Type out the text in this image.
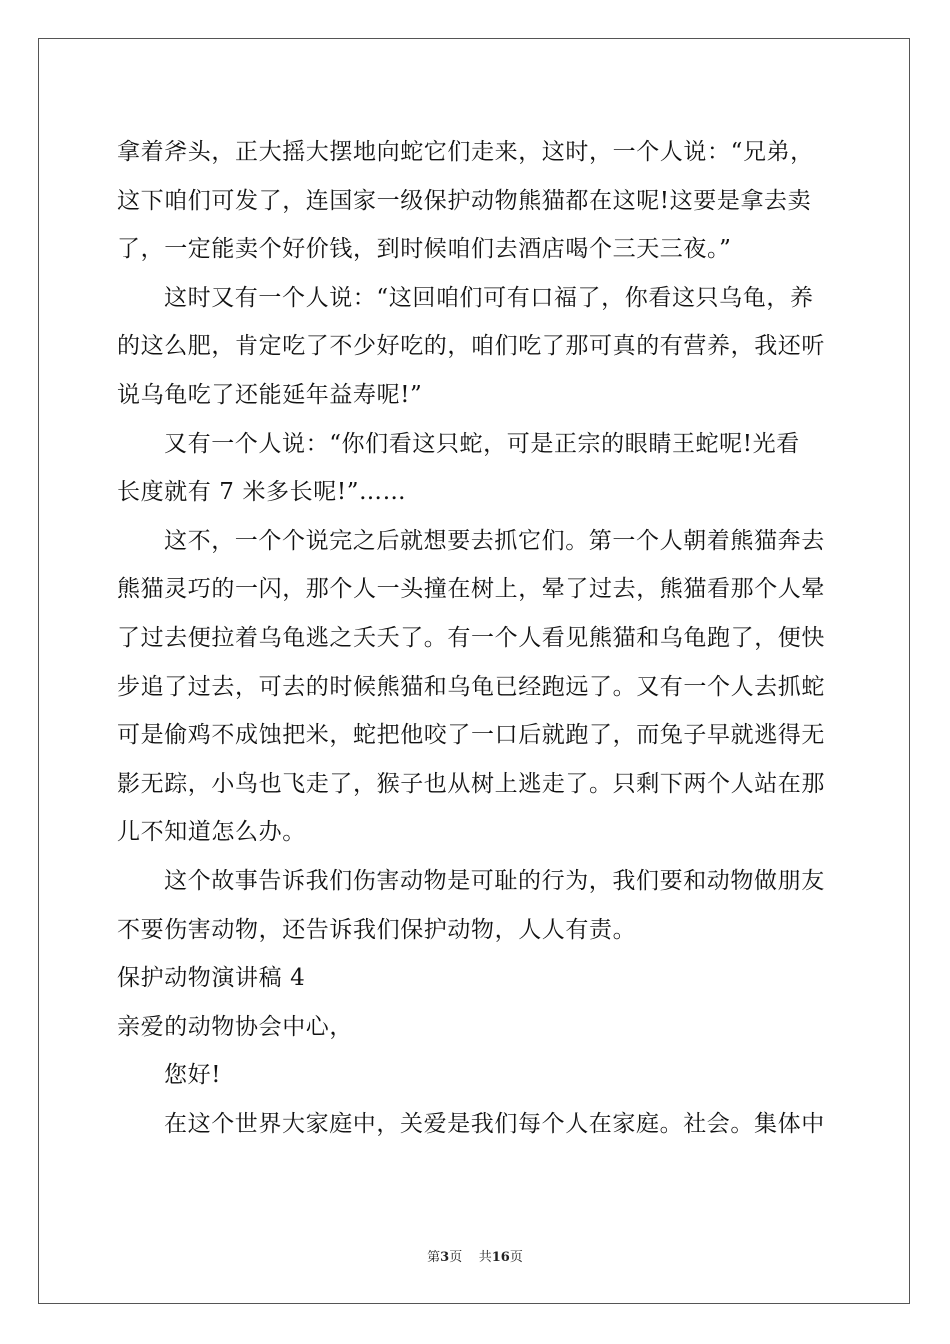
拿着斧头，正大摇大摆地向蛇它们走来，这时，一个人说：“兄弟，
这下咱们可发了，连国家一级保护动物熊猫都在这呢!这要是拿去卖
了，一定能卖个好价钱，到时候咱们去酒店喝个三天三夜。”
这时又有一个人说：“这回咱们可有口福了，你看这只乌龟，养
的这么肥，肯定吃了不少好吃的，咱们吃了那可真的有营养，我还听
说乌龟吃了还能延年益寿呢!”
又有一个人说：“你们看这只蛇，可是正宗的眼睛王蛇呢!光看
长度就有 7 米多长呢!”……
这不，一个个说完之后就想要去抓它们。第一个人朝着熊猫奔去
熊猫灵巧的一闪，那个人一头撞在树上，晕了过去，熊猫看那个人晕
了过去便拉着乌龟逃之夭夭了。有一个人看见熊猫和乌龟跑了，便快
步追了过去，可去的时候熊猫和乌龟已经跑远了。又有一个人去抓蛇
可是偷鸡不成蚀把米，蛇把他咬了一口后就跑了，而兔子早就逃得无
影无踪，小鸟也飞走了，猴子也从树上逃走了。只剩下两个人站在那
儿不知道怎么办。
这个故事告诉我们伤害动物是可耻的行为，我们要和动物做朋友
不要伤害动物，还告诉我们保护动物，人人有责。
保护动物演讲稿 4
亲爱的动物协会中心，
您好!
在这个世界大家庭中，关爱是我们每个人在家庭。社会。集体中
第3页 共16页
